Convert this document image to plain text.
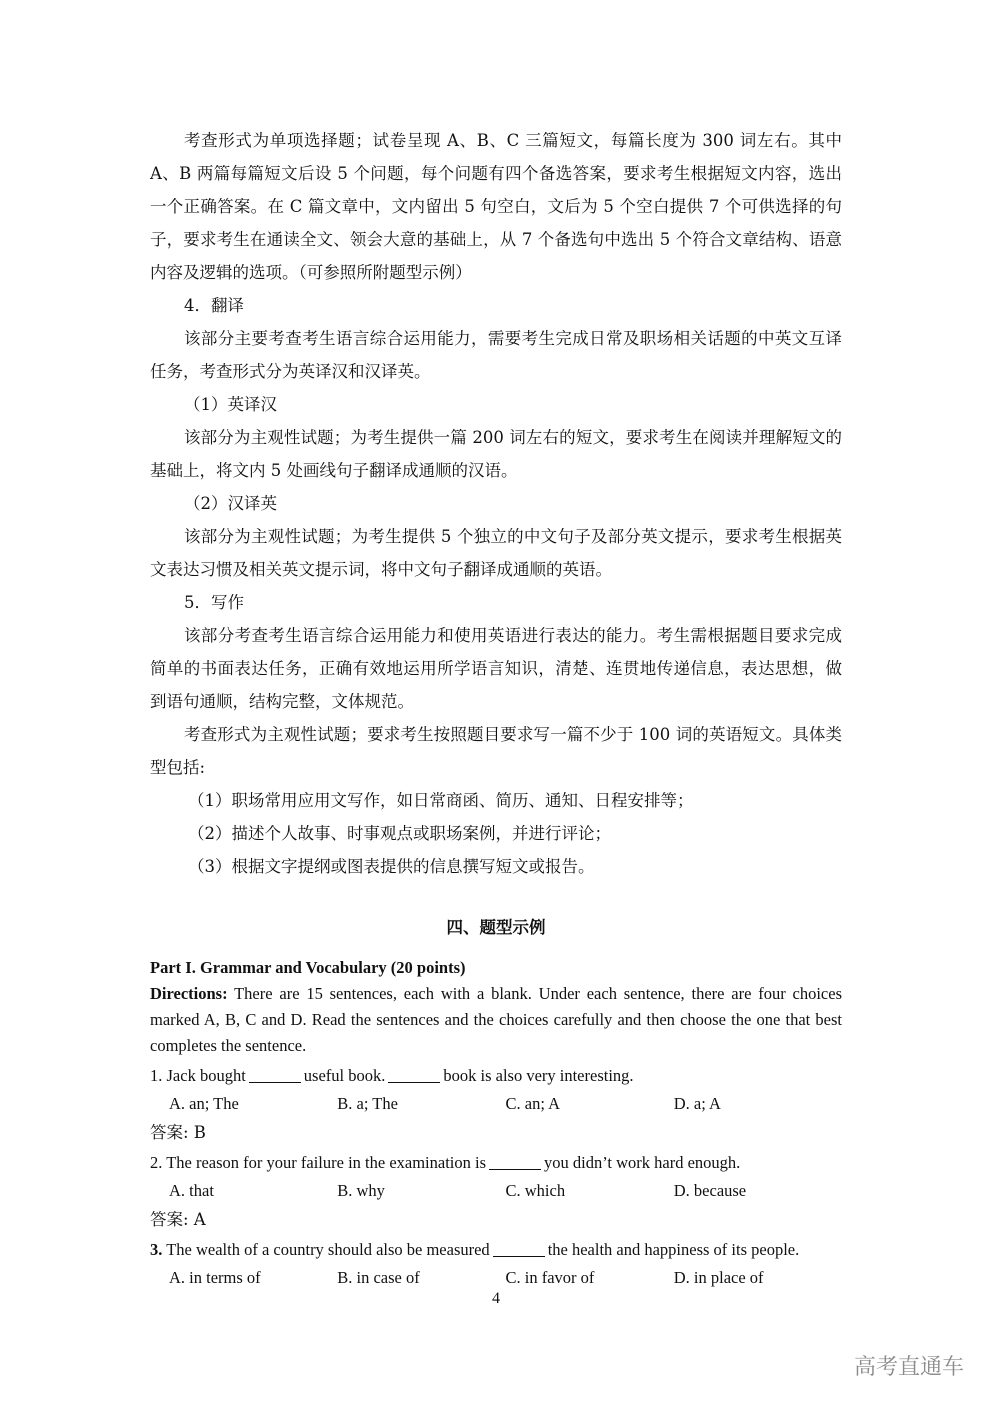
考查形式为单项选择题；试卷呈现 A、B、C 三篇短文，每篇长度为 300 词左右。其中 A、B 两篇每篇短文后设 5 个问题，每个问题有四个备选答案，要求考生根据短文内容，选出一个正确答案。在 C 篇文章中，文内留出 5 句空白，文后为 5 个空白提供 7 个可供选择的句子，要求考生在通读全文、领会大意的基础上，从 7 个备选句中选出 5 个符合文章结构、语意内容及逻辑的选项。（可参照所附题型示例）

4．翻译

该部分主要考查考生语言综合运用能力，需要考生完成日常及职场相关话题的中英文互译任务，考查形式分为英译汉和汉译英。

（1）英译汉

该部分为主观性试题；为考生提供一篇 200 词左右的短文，要求考生在阅读并理解短文的基础上，将文内 5 处画线句子翻译成通顺的汉语。

（2）汉译英

该部分为主观性试题；为考生提供 5 个独立的中文句子及部分英文提示，要求考生根据英文表达习惯及相关英文提示词，将中文句子翻译成通顺的英语。

5．写作

该部分考查考生语言综合运用能力和使用英语进行表达的能力。考生需根据题目要求完成简单的书面表达任务，正确有效地运用所学语言知识，清楚、连贯地传递信息，表达思想，做到语句通顺，结构完整，文体规范。

考查形式为主观性试题；要求考生按照题目要求写一篇不少于 100 词的英语短文。具体类型包括:

（1）职场常用应用文写作，如日常商函、简历、通知、日程安排等；

（2）描述个人故事、时事观点或职场案例，并进行评论；

（3）根据文字提纲或图表提供的信息撰写短文或报告。

四、题型示例
Part I. Grammar and Vocabulary (20 points)
Directions: There are 15 sentences, each with a blank. Under each sentence, there are four choices marked A, B, C and D. Read the sentences and the choices carefully and then choose the one that best completes the sentence.
1. Jack bought	useful book.	book is also very interesting.
A. an; The	B. a; The	C. an; A	D. a; A
答案: B
2. The reason for your failure in the examination is	you didn’t work hard enough.
A. that	B. why	C. which	D. because
答案: A
3. The wealth of a country should also be measured	the health and happiness of its people.
A. in terms of	B. in case of	C. in favor of	D. in place of
4
高考直通车
